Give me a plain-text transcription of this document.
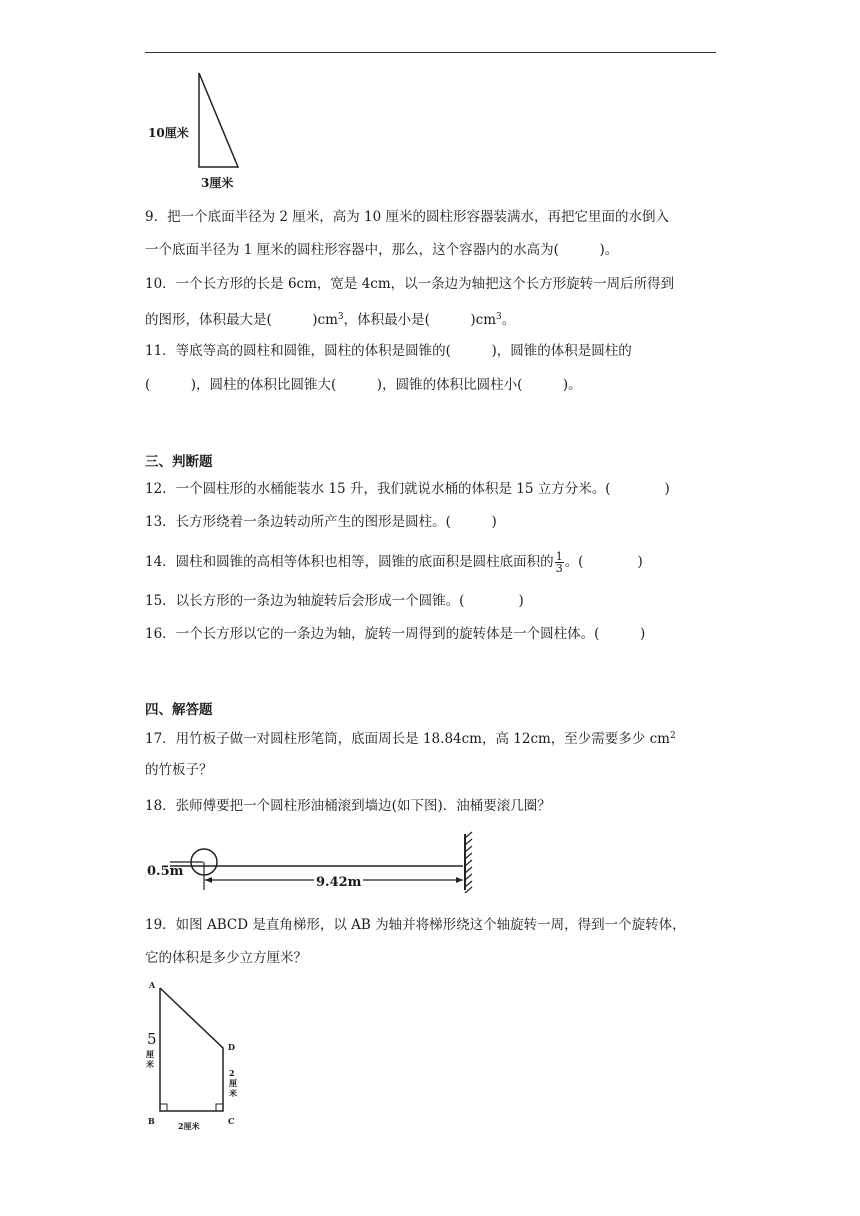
10厘米
3厘米
9．把一个底面半径为 2 厘米，高为 10 厘米的圆柱形容器装满水，再把它里面的水倒入
一个底面半径为 1 厘米的圆柱形容器中，那么，这个容器内的水高为(　　　)。
10．一个长方形的长是 6cm，宽是 4cm，以一条边为轴把这个长方形旋转一周后所得到
的图形，体积最大是(　　　)$cm^3$，体积最小是(　　　)$cm^3$。
11．等底等高的圆柱和圆锥，圆柱的体积是圆锥的(　　　)，圆锥的体积是圆柱的
(　　　)，圆柱的体积比圆锥大(　　　)，圆锥的体积比圆柱小(　　　)。
三、判断题
12．一个圆柱形的水桶能装水 15 升，我们就说水桶的体积是 15 立方分米。(　　　　)
13．长方形绕着一条边转动所产生的图形是圆柱。(　　　)
14．圆柱和圆锥的高相等体积也相等，圆锥的底面积是圆柱底面积的 $\frac{1}{3}$ 。(　　　　)
15．以长方形的一条边为轴旋转后会形成一个圆锥。(　　　　)
16．一个长方形以它的一条边为轴，旋转一周得到的旋转体是一个圆柱体。(　　　)
四、解答题
17．用竹板子做一对圆柱形笔筒，底面周长是 18.84cm，高 12cm，至少需要多少 $cm^2$
的竹板子？
18．张师傅要把一个圆柱形油桶滚到墙边(如下图)．油桶要滚几圈？
0.5m
9.42m
19．如图 ABCD 是直角梯形，以 AB 为轴并将梯形绕这个轴旋转一周，得到一个旋转体，
它的体积是多少立方厘米？
A
D
B	C
5
厘米
2厘米
2厘米
